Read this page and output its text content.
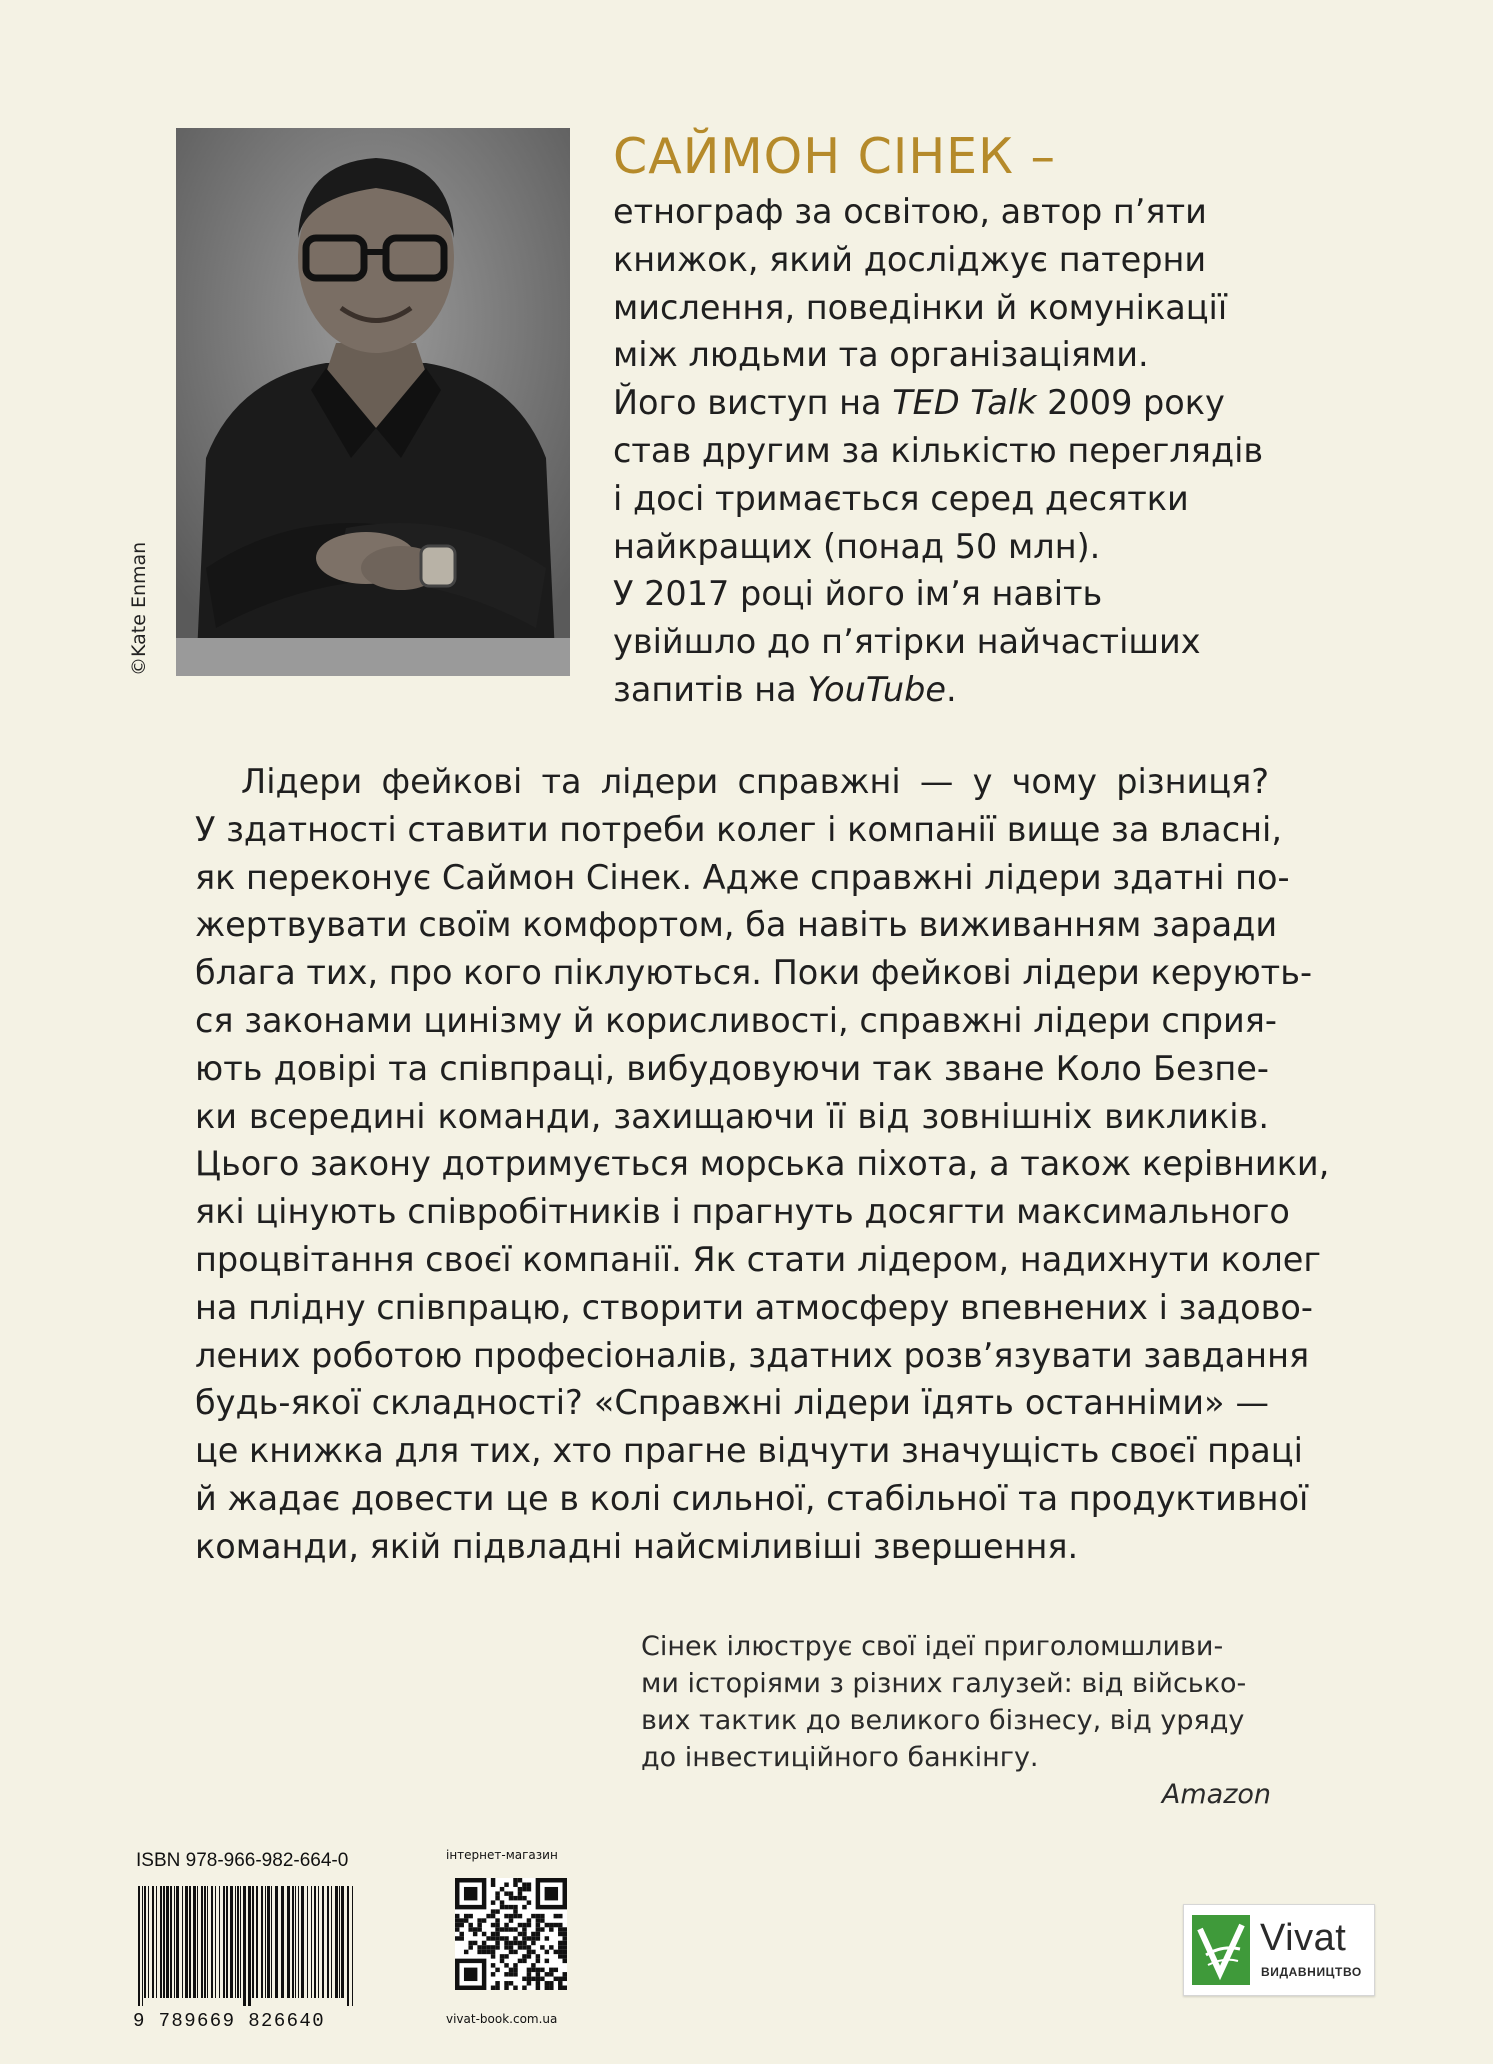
©Kate Enman
САЙМОН СІНЕК –
етнограф за освітою, автор п’яти
книжок, який досліджує патерни
мислення, поведінки й комунікації
між людьми та організаціями.
Його виступ на TED Talk 2009 року
став другим за кількістю переглядів
і досі тримається серед десятки
найкращих (понад 50 млн).
У 2017 році його ім’я навіть
увійшло до п’ятірки найчастіших
запитів на YouTube.
Лідери фейкові та лідери справжні — у чому різниця?
У здатності ставити потреби колег і компанії вище за власні,
як переконує Саймон Сінек. Адже справжні лідери здатні по-
жертвувати своїм комфортом, ба навіть виживанням заради
блага тих, про кого піклуються. Поки фейкові лідери керують-
ся законами цинізму й корисливості, справжні лідери сприя-
ють довірі та співпраці, вибудовуючи так зване Коло Безпе-
ки всередині команди, захищаючи її від зовнішніх викликів.
Цього закону дотримується морська піхота, а також керівники,
які цінують співробітників і прагнуть досягти максимального
процвітання своєї компанії. Як стати лідером, надихнути колег
на плідну співпрацю, створити атмосферу впевнених і задово-
лених роботою професіоналів, здатних розв’язувати завдання
будь-якої складності? «Справжні лідери їдять останніми» —
це книжка для тих, хто прагне відчути значущість своєї праці
й жадає довести це в колі сильної, стабільної та продуктивної
команди, якій підвладні найсміливіші звершення.
Сінек ілюструє свої ідеї приголомшливи-
ми історіями з різних галузей: від військо-
вих тактик до великого бізнесу, від уряду
до інвестиційного банкінгу.
Amazon
ISBN 978-966-982-664-0
9 789669 826640
інтернет-магазин
vivat-book.com.ua
Vivat
ВИДАВНИЦТВО
